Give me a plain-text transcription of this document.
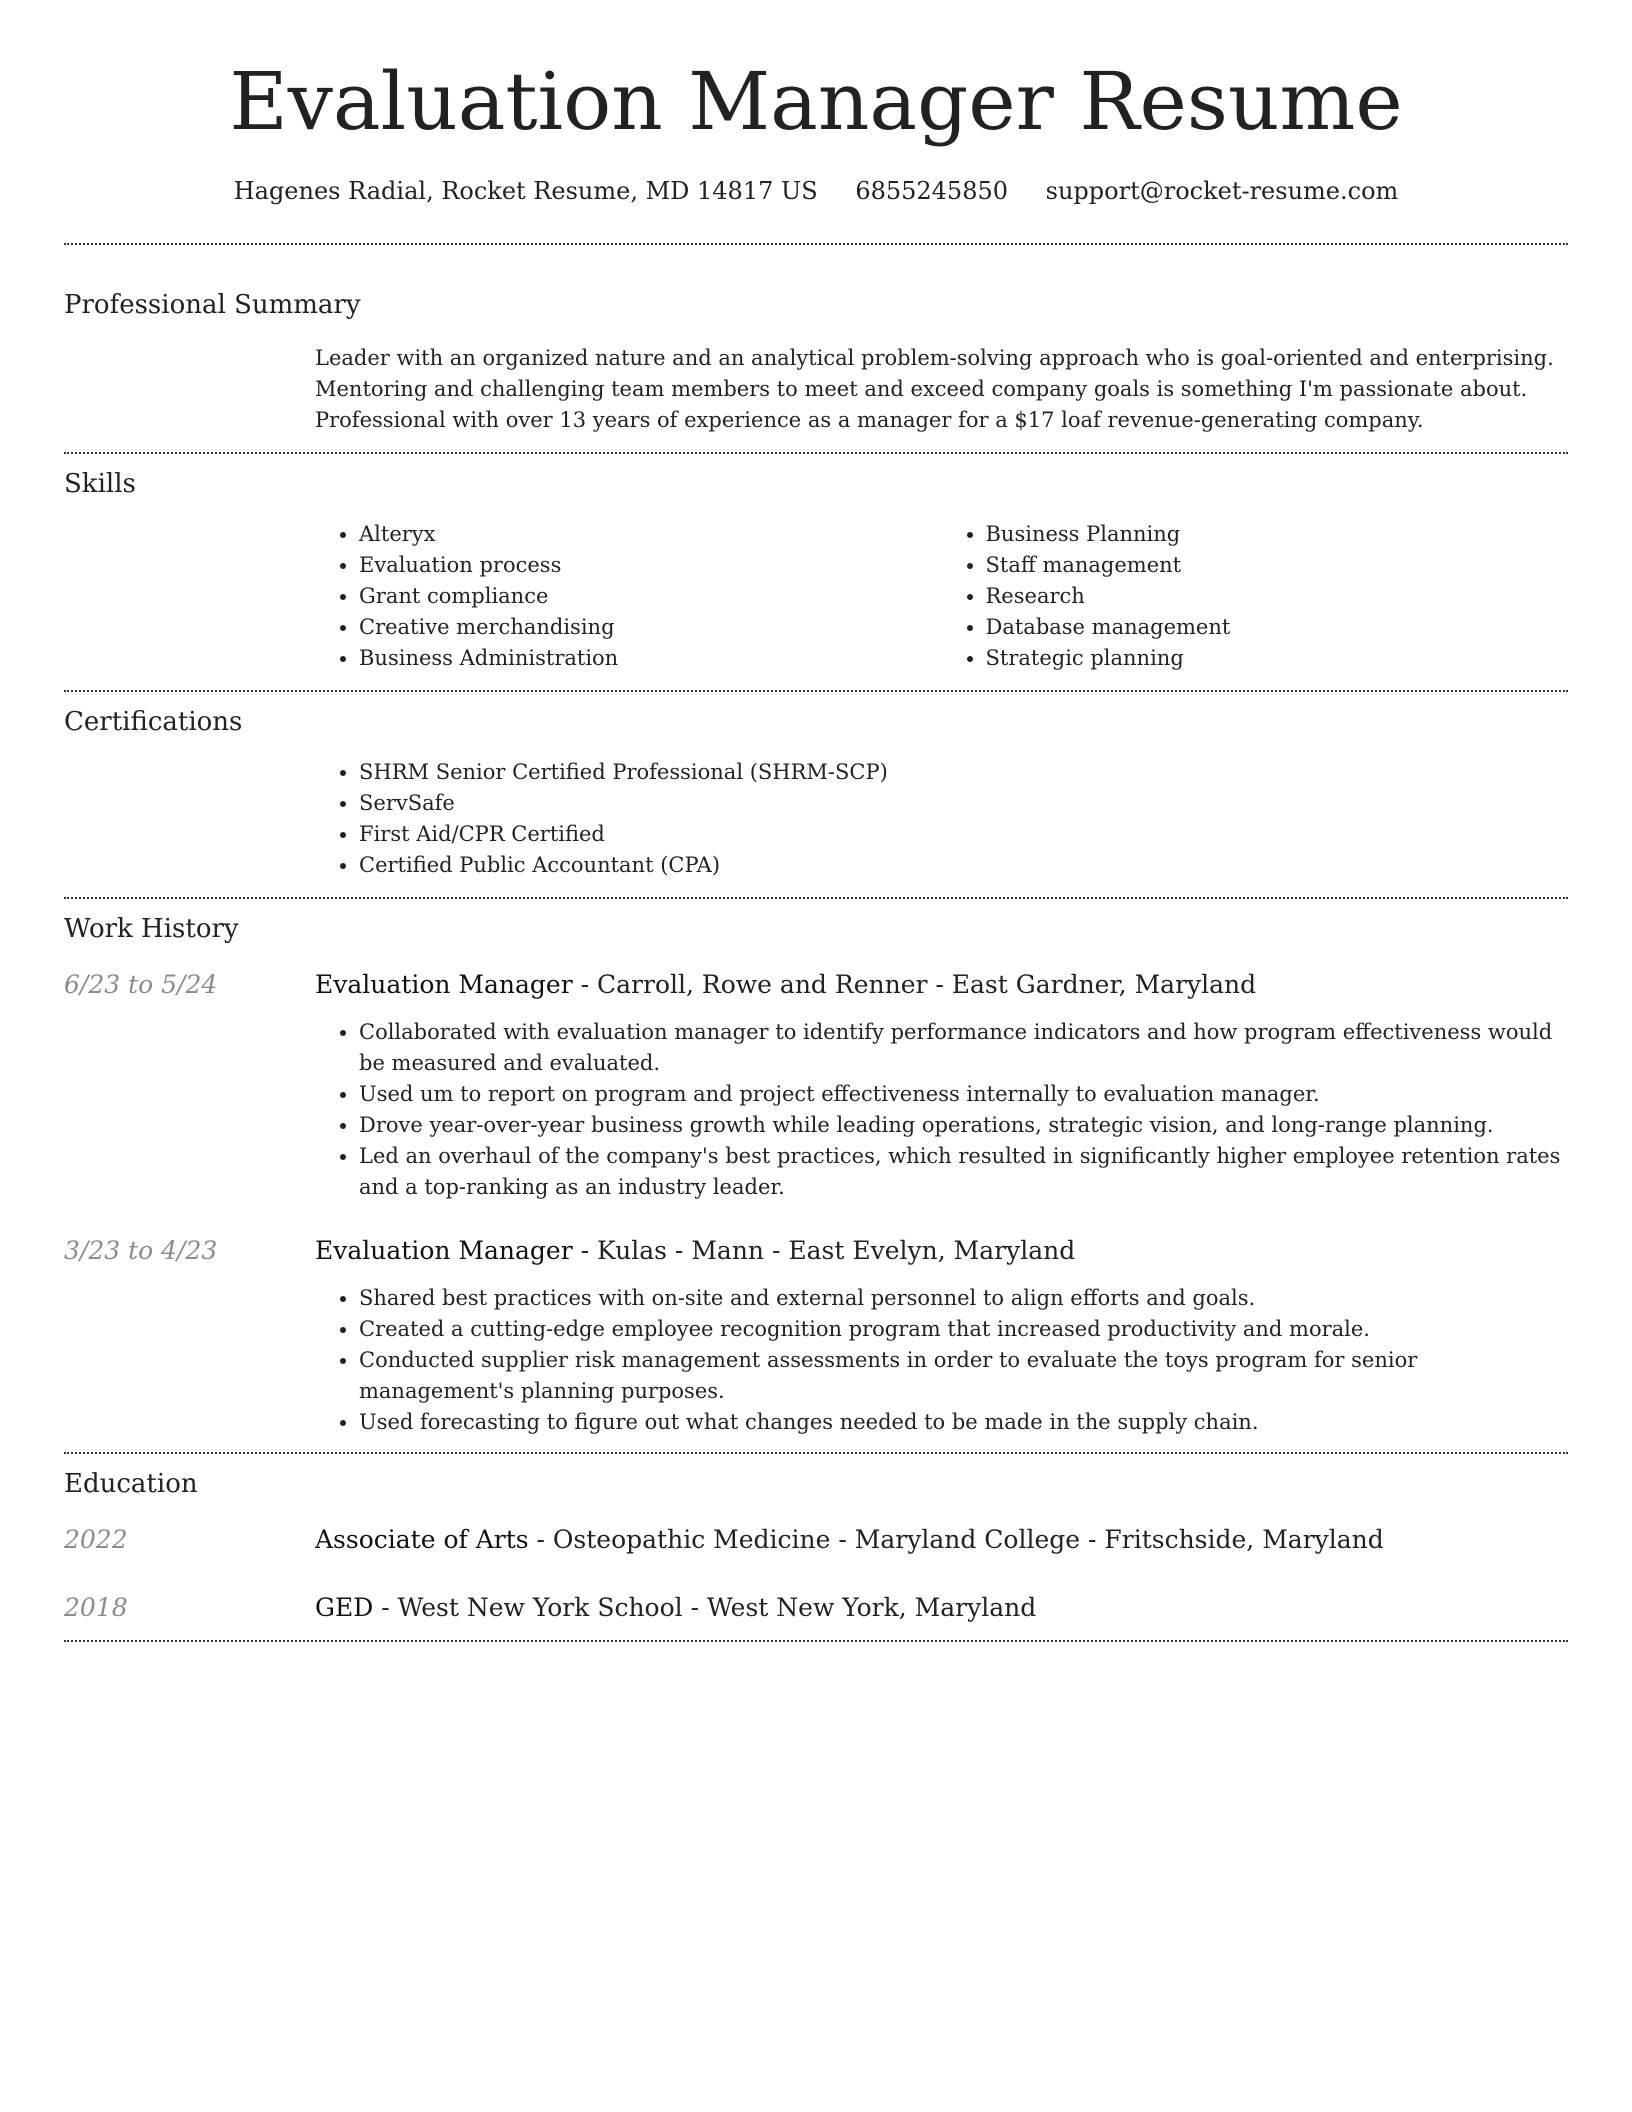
Evaluation Manager Resume
Hagenes Radial, Rocket Resume, MD 14817 US 6855245850 support@rocket-resume.com
Professional Summary
Leader with an organized nature and an analytical problem-solving approach who is goal-oriented and enterprising. Mentoring and challenging team members to meet and exceed company goals is something I'm passionate about. Professional with over 13 years of experience as a manager for a $17 loaf revenue-generating company.
Skills
• Alteryx
• Evaluation process
• Grant compliance
• Creative merchandising
• Business Administration
• Business Planning
• Staff management
• Research
• Database management
• Strategic planning
Certifications
• SHRM Senior Certified Professional (SHRM-SCP)
• ServSafe
• First Aid/CPR Certified
• Certified Public Accountant (CPA)
Work History
6/23 to 5/24	Evaluation Manager - Carroll, Rowe and Renner - East Gardner, Maryland
• Collaborated with evaluation manager to identify performance indicators and how program effectiveness would be measured and evaluated.
• Used um to report on program and project effectiveness internally to evaluation manager.
• Drove year-over-year business growth while leading operations, strategic vision, and long-range planning.
• Led an overhaul of the company's best practices, which resulted in significantly higher employee retention rates and a top-ranking as an industry leader.
3/23 to 4/23	Evaluation Manager - Kulas - Mann - East Evelyn, Maryland
• Shared best practices with on-site and external personnel to align efforts and goals.
• Created a cutting-edge employee recognition program that increased productivity and morale.
• Conducted supplier risk management assessments in order to evaluate the toys program for senior management's planning purposes.
• Used forecasting to figure out what changes needed to be made in the supply chain.
Education
2022	Associate of Arts - Osteopathic Medicine - Maryland College - Fritschside, Maryland
2018	GED - West New York School - West New York, Maryland
